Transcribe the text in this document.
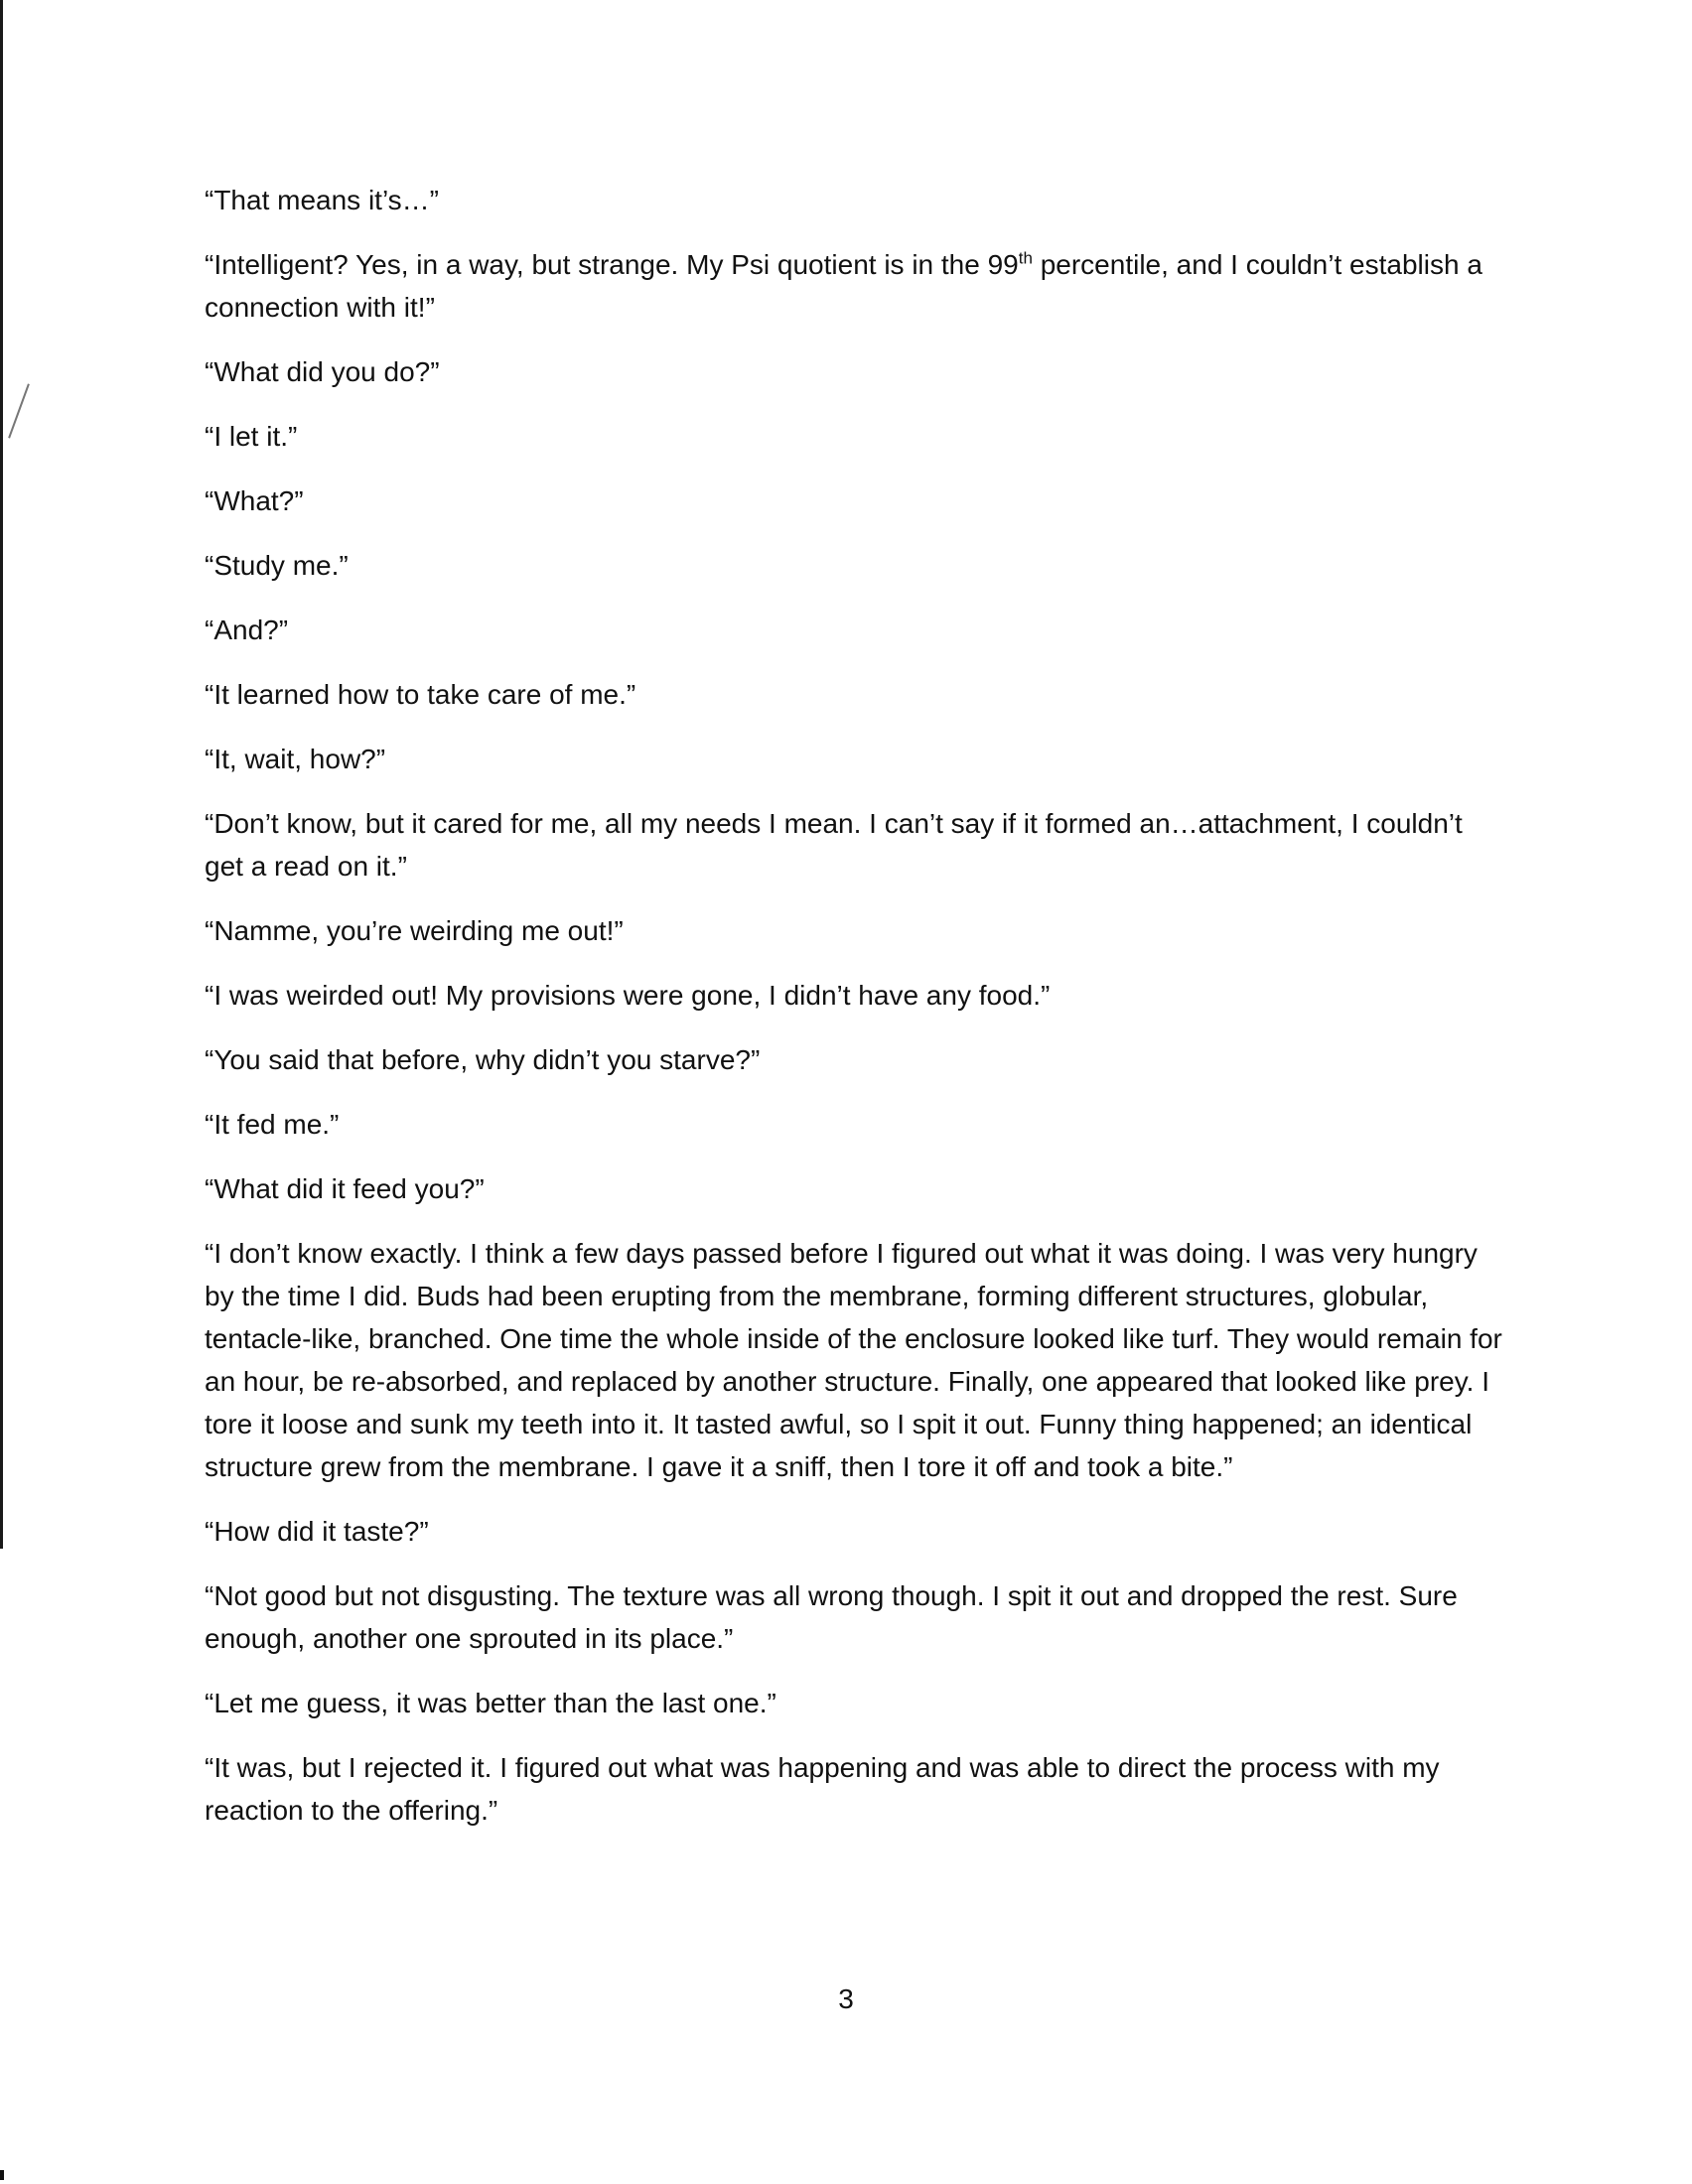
“That means it’s…”

“Intelligent? Yes, in a way, but strange. My Psi quotient is in the 99th percentile, and I couldn’t establish a connection with it!”

“What did you do?”

“I let it.”

“What?”

“Study me.”

“And?”

“It learned how to take care of me.”

“It, wait, how?”

“Don’t know, but it cared for me, all my needs I mean. I can’t say if it formed an…attachment, I couldn’t get a read on it.”

“Namme, you’re weirding me out!”

“I was weirded out! My provisions were gone, I didn’t have any food.”

“You said that before, why didn’t you starve?”

“It fed me.”

“What did it feed you?”

“I don’t know exactly. I think a few days passed before I figured out what it was doing. I was very hungry by the time I did. Buds had been erupting from the membrane, forming different structures, globular, tentacle-like, branched. One time the whole inside of the enclosure looked like turf. They would remain for an hour, be re-absorbed, and replaced by another structure. Finally, one appeared that looked like prey. I tore it loose and sunk my teeth into it. It tasted awful, so I spit it out. Funny thing happened; an identical structure grew from the membrane. I gave it a sniff, then I tore it off and took a bite.”

“How did it taste?”

“Not good but not disgusting. The texture was all wrong though. I spit it out and dropped the rest. Sure enough, another one sprouted in its place.”

“Let me guess, it was better than the last one.”

“It was, but I rejected it. I figured out what was happening and was able to direct the process with my reaction to the offering.”

3
